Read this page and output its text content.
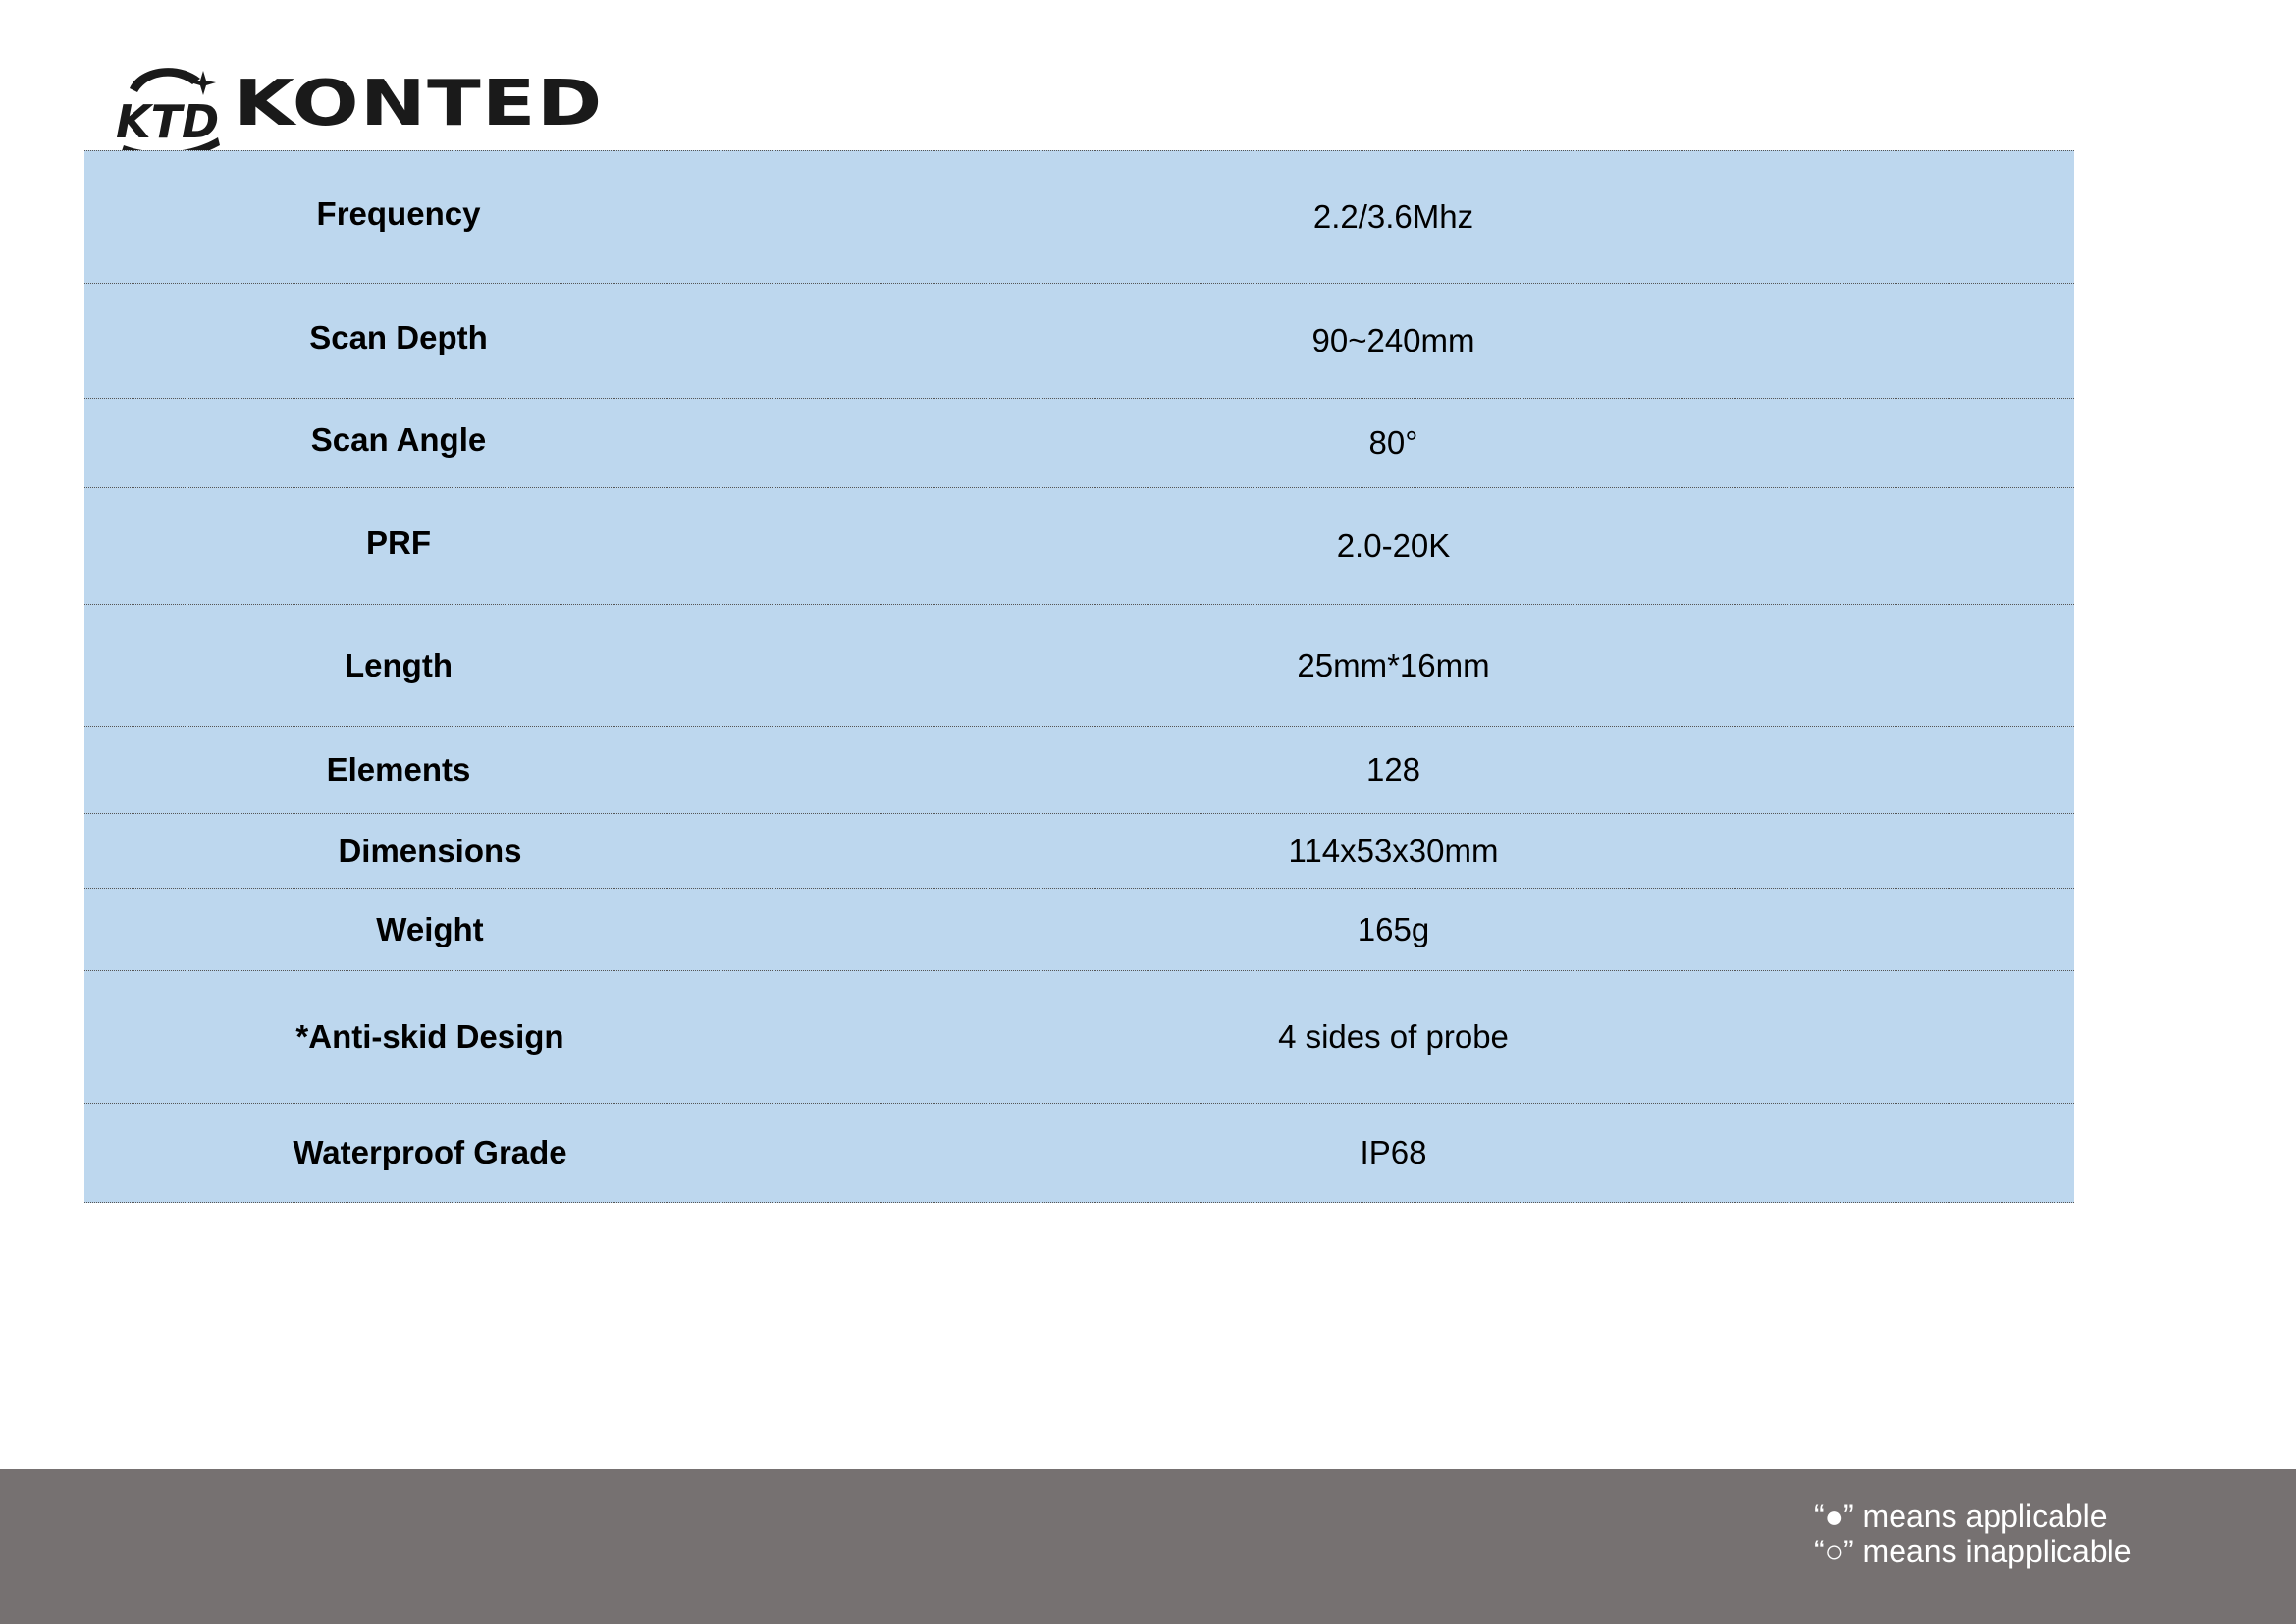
KTD KONTED
Frequency	2.2/3.6Mhz
Scan Depth	90~240mm
Scan Angle	80°
PRF	2.0-20K
Length	25mm*16mm
Elements	128
Dimensions	114x53x30mm
Weight	165g
*Anti-skid Design	4 sides of probe
Waterproof Grade	IP68
“●” means applicable
“○” means inapplicable
